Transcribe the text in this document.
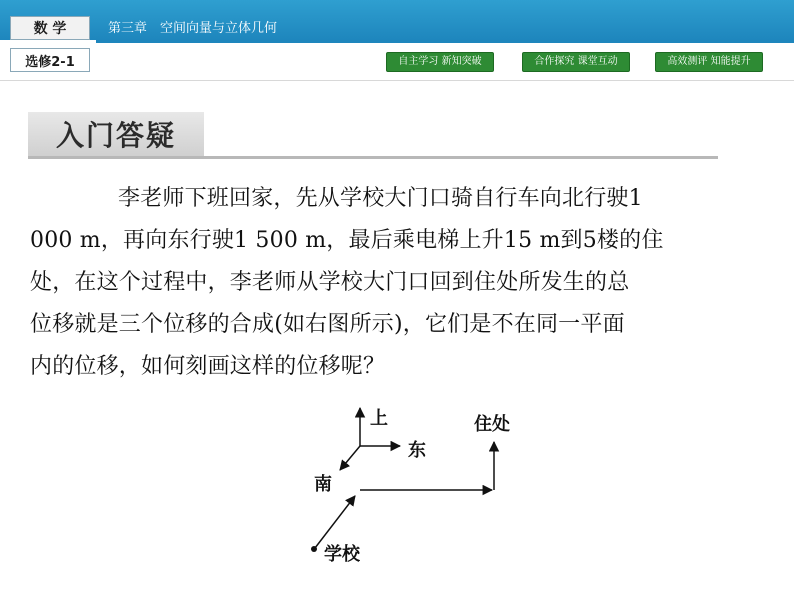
数 学	第三章　空间向量与立体几何
选修2-1	自主学习 新知突破	合作探究 课堂互动	高效测评 知能提升
入门答疑
李老师下班回家，先从学校大门口骑自行车向北行驶1
000 m，再向东行驶1 500 m，最后乘电梯上升15 m到5楼的住
处，在这个过程中，李老师从学校大门口回到住处所发生的总
位移就是三个位移的合成(如右图所示)，它们是不在同一平面
内的位移，如何刻画这样的位移呢？
上
东
南
住处
学校
